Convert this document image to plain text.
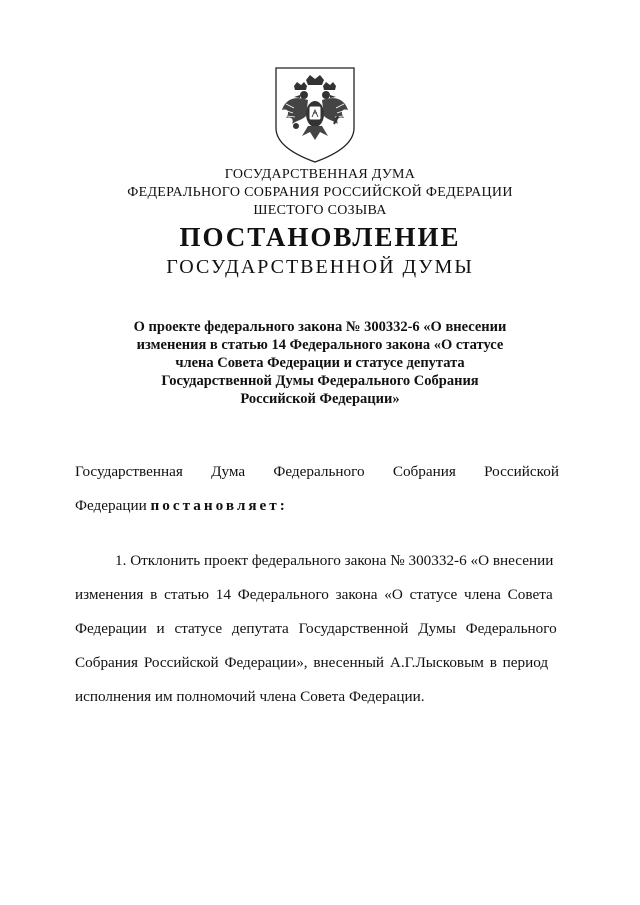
ГОСУДАРСТВЕННАЯ ДУМА
ФЕДЕРАЛЬНОГО СОБРАНИЯ РОССИЙСКОЙ ФЕДЕРАЦИИ
ШЕСТОГО СОЗЫВА
ПОСТАНОВЛЕНИЕ
ГОСУДАРСТВЕННОЙ ДУМЫ
О проекте федерального закона № 300332-6 «О внесении
изменения в статью 14 Федерального закона «О статусе
члена Совета Федерации и статусе депутата
Государственной Думы Федерального Собрания
Российской Федерации»
Государственная Дума Федерального Собрания Российской
Федерации постановляет:
1. Отклонить проект федерального закона № 300332-6 «О внесении
изменения в статью 14 Федерального закона «О статусе члена Совета
Федерации и статусе депутата Государственной Думы Федерального
Собрания Российской Федерации», внесенный А.Г.Лысковым в период
исполнения им полномочий члена Совета Федерации.
